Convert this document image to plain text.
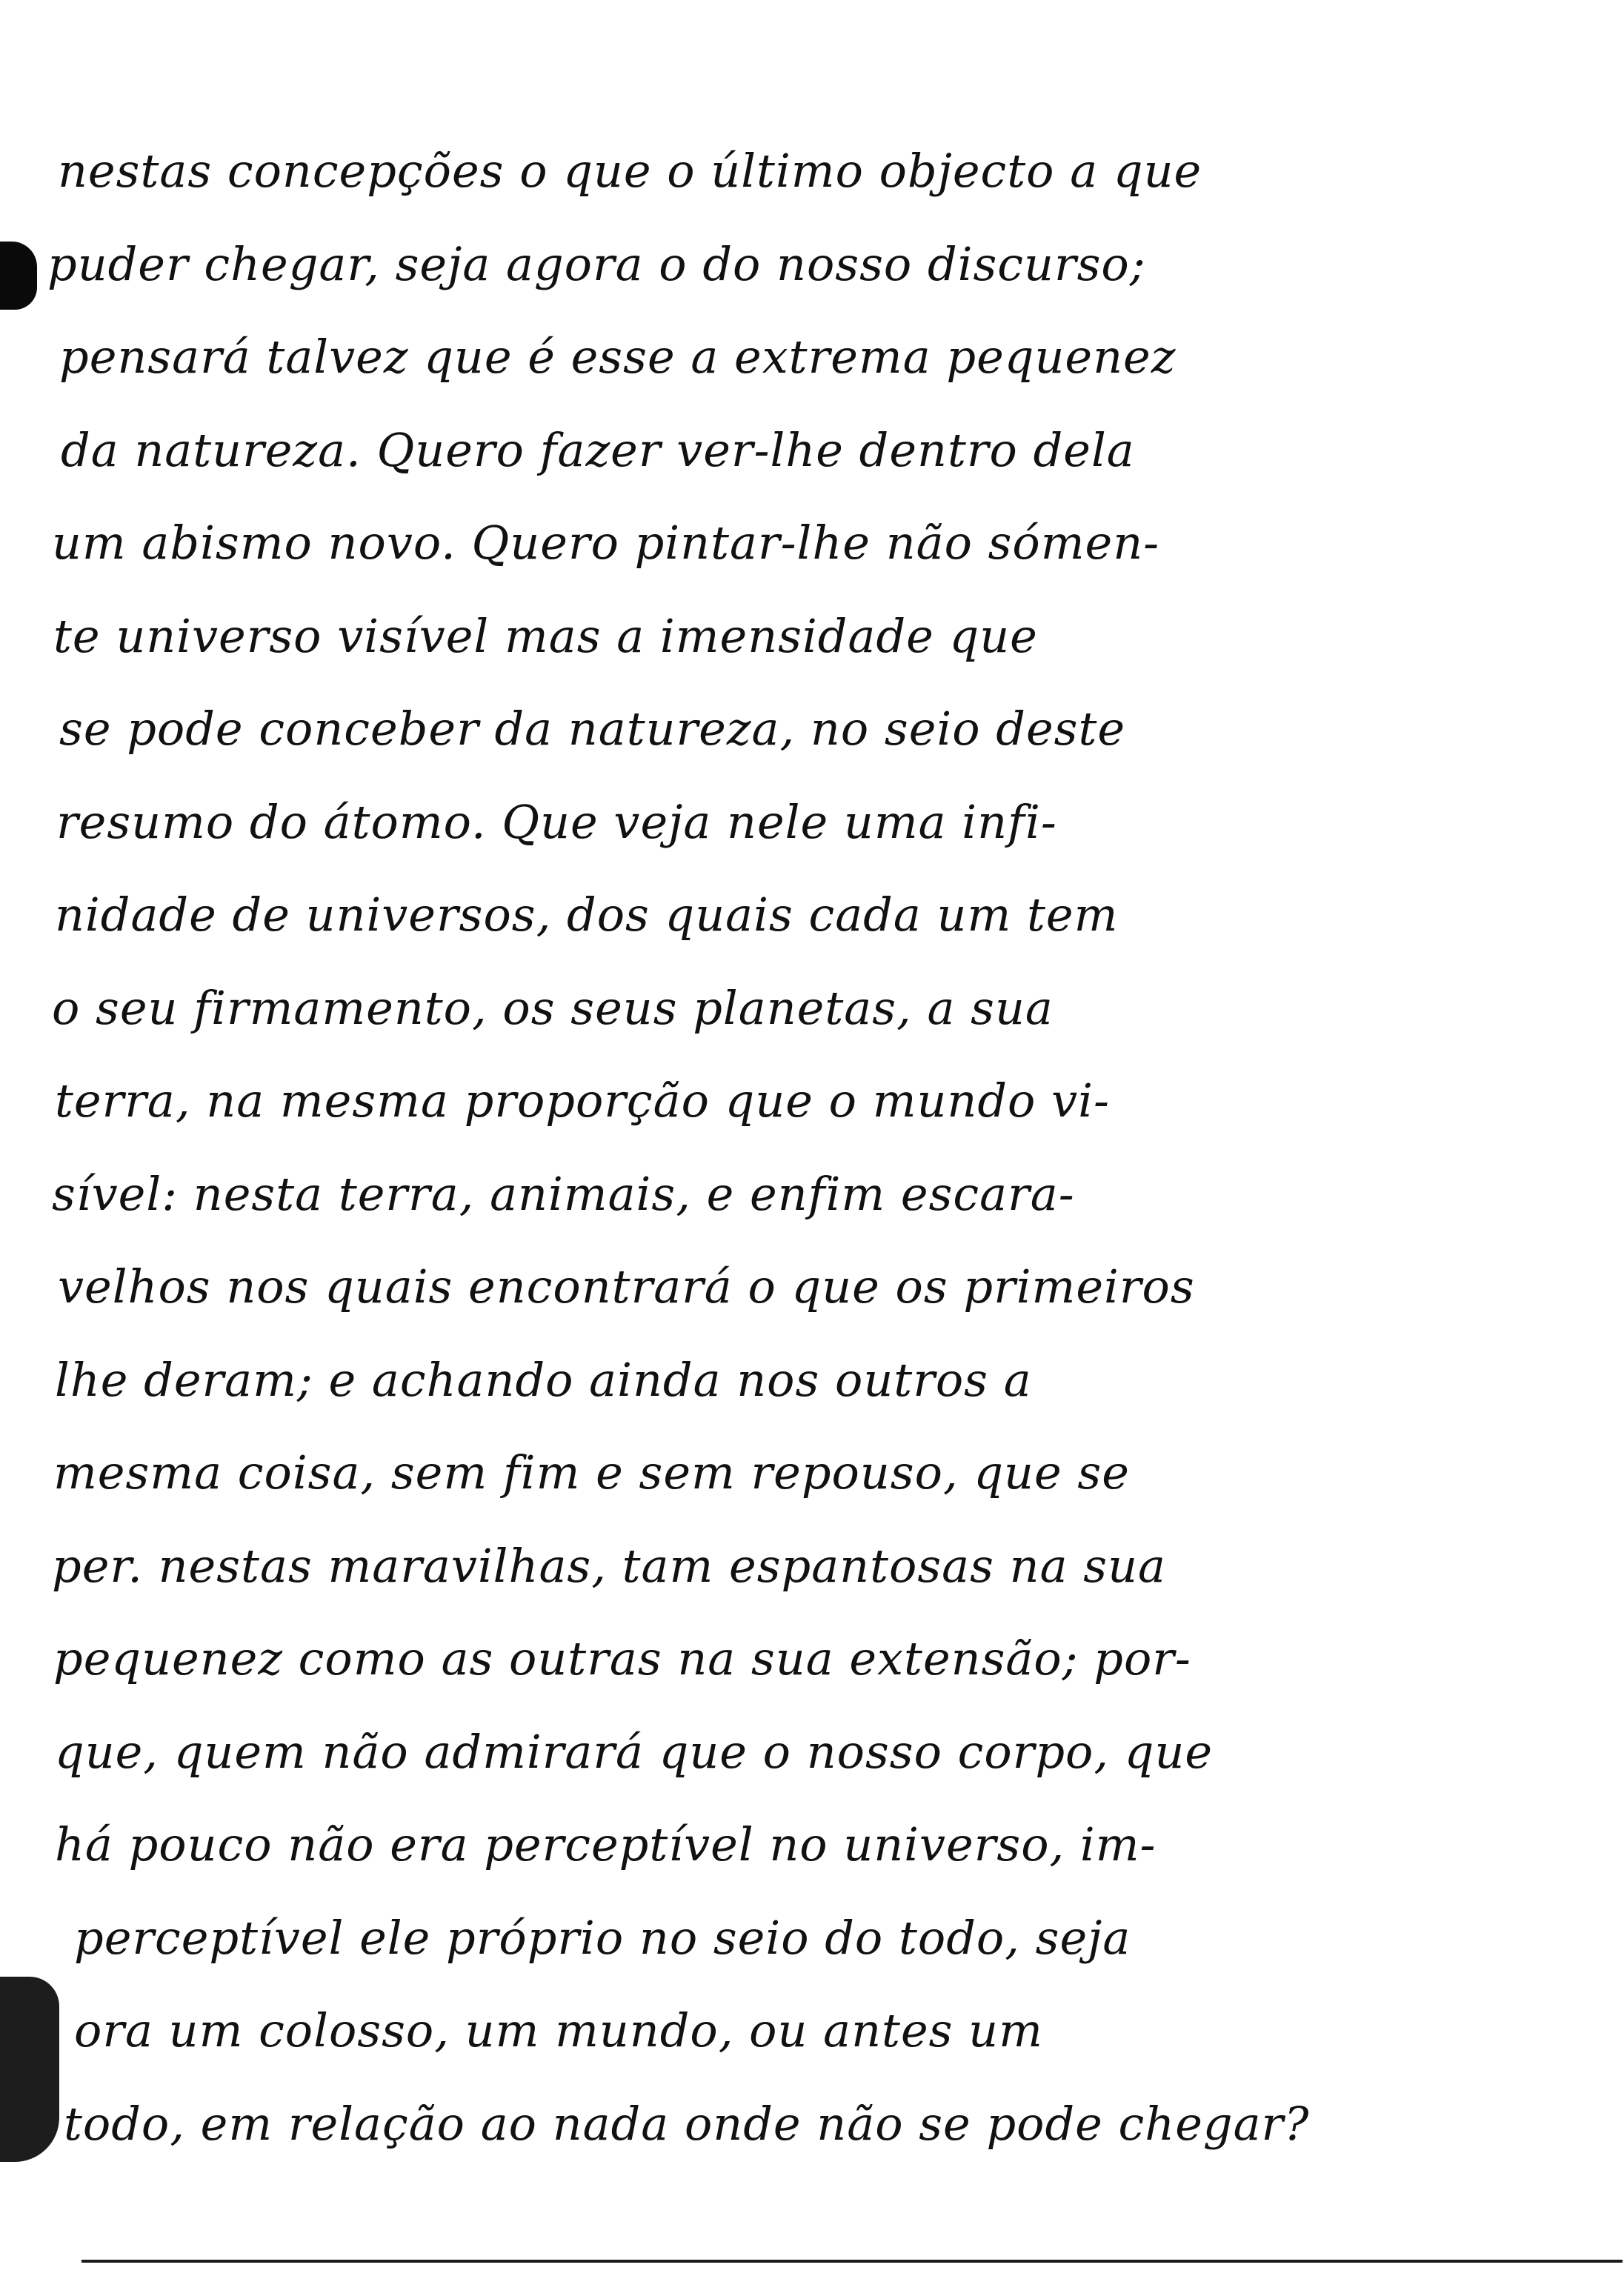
nestas concepções o que o último objecto a que
puder chegar, seja agora o do nosso discurso;
pensará talvez que é esse a extrema pequenez
da natureza. Quero fazer ver-lhe dentro dela
um abismo novo. Quero pintar-lhe não sómen-
te universo visível mas a imensidade que
se pode conceber da natureza, no seio deste
resumo do átomo. Que veja nele uma infi-
nidade de universos, dos quais cada um tem
o seu firmamento, os seus planetas, a sua
terra, na mesma proporção que o mundo vi-
sível: nesta terra, animais, e enfim escara-
velhos nos quais encontrará o que os primeiros
lhe deram; e achando ainda nos outros a
mesma coisa, sem fim e sem repouso, que se
per. nestas maravilhas, tam espantosas na sua
pequenez como as outras na sua extensão; por-
que, quem não admirará que o nosso corpo, que
há pouco não era perceptível no universo, im-
perceptível ele próprio no seio do todo, seja
ora um colosso, um mundo, ou antes um
todo, em relação ao nada onde não se pode chegar?
